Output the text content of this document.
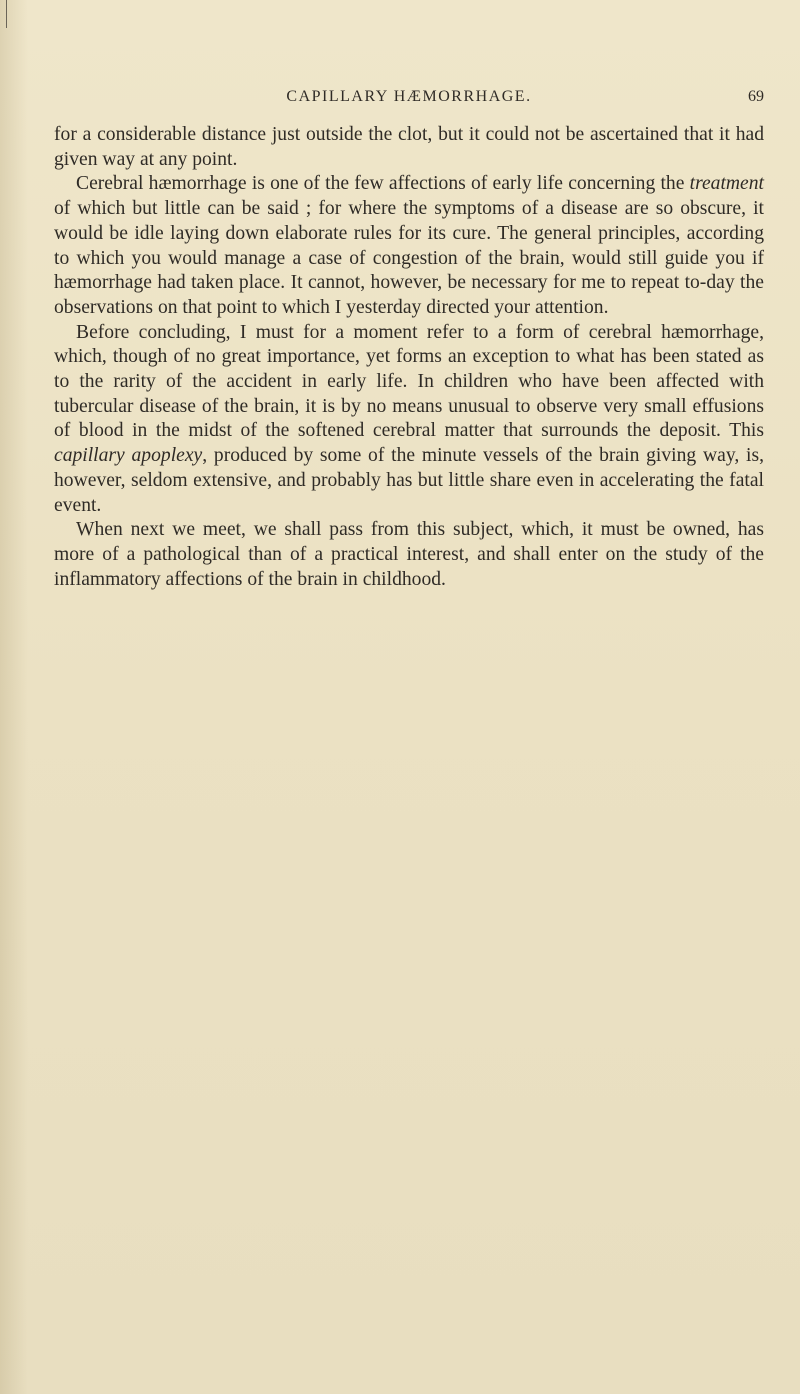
CAPILLARY HÆMORRHAGE.	69

for a considerable distance just outside the clot, but it could not be ascertained that it had given way at any point.

Cerebral hæmorrhage is one of the few affections of early life concerning the treatment of which but little can be said ; for where the symptoms of a disease are so obscure, it would be idle laying down elaborate rules for its cure. The general principles, according to which you would manage a case of congestion of the brain, would still guide you if hæmorrhage had taken place. It cannot, however, be necessary for me to repeat to-day the observations on that point to which I yesterday directed your attention.

Before concluding, I must for a moment refer to a form of cerebral hæmorrhage, which, though of no great importance, yet forms an exception to what has been stated as to the rarity of the accident in early life. In children who have been affected with tubercular disease of the brain, it is by no means unusual to observe very small effusions of blood in the midst of the softened cerebral matter that surrounds the deposit. This capillary apoplexy, produced by some of the minute vessels of the brain giving way, is, however, seldom extensive, and probably has but little share even in accelerating the fatal event.

When next we meet, we shall pass from this subject, which, it must be owned, has more of a pathological than of a practical interest, and shall enter on the study of the inflammatory affections of the brain in childhood.
